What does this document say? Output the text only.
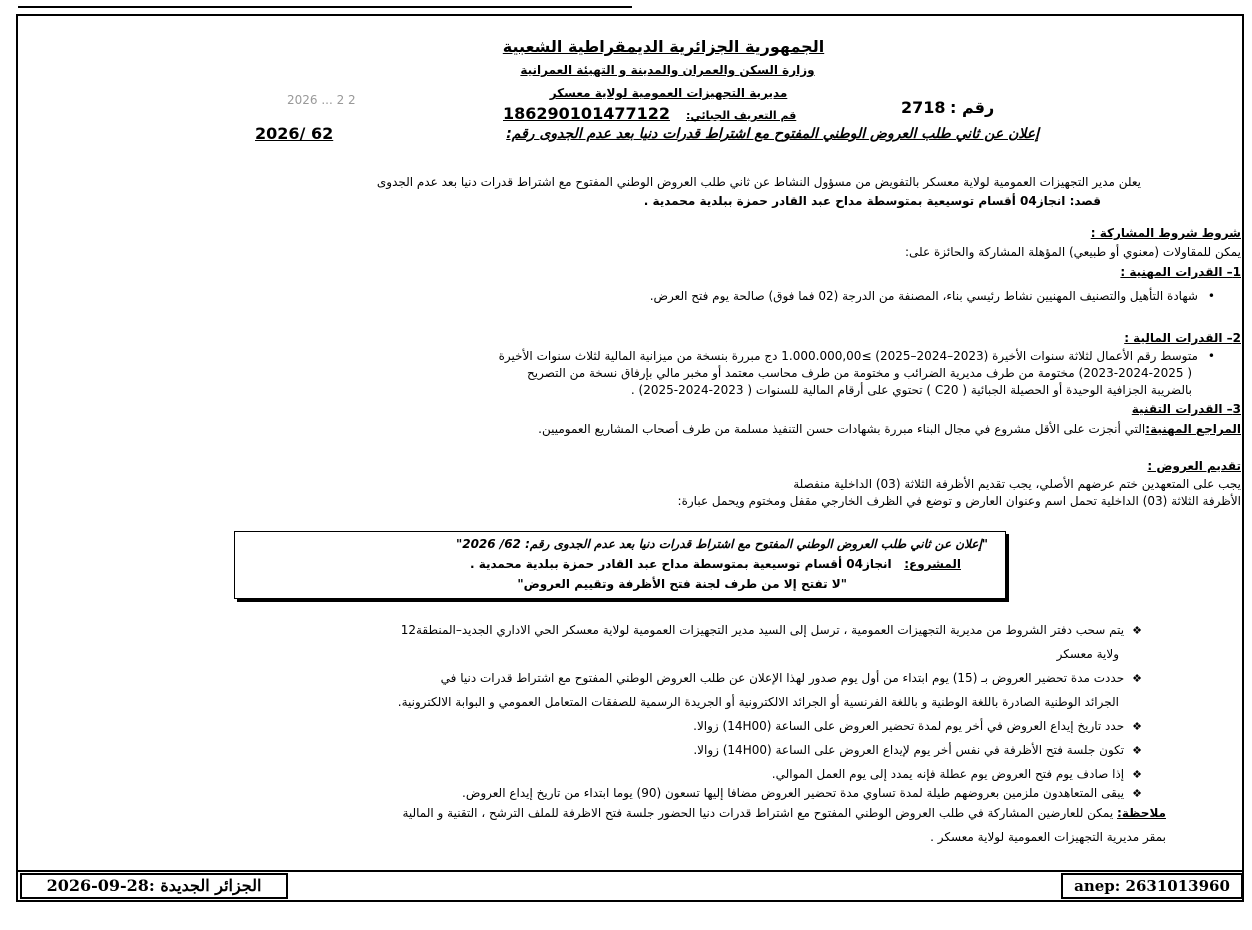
الجمهورية الجزائرية الديمقراطية الشعبية
وزارة السكن والعمران والمدينة و التهيئة العمرانية
مديرية التجهيزات العمومية لولاية معسكر
2026 ... 2 2
قم التعريف الجبائي:
186290101477122	رقم :
2718
إعلان عن ثاني طلب العروض الوطني المفتوح مع اشتراط قدرات دنيا بعد عدم الجدوى رقم:
2026/ 62
يعلن مدير التجهيزات العمومية لولاية معسكر بالتفويض من مسؤول النشاط عن ثاني طلب العروض الوطني المفتوح مع اشتراط قدرات دنيا بعد عدم الجدوى
قصد: انجاز04 أقسام توسيعية بمتوسطة مداح عبد القادر حمزة ببلدية محمدية .
شروط شروط المشاركة :
يمكن للمقاولات (معنوي أو طبيعي) المؤهلة المشاركة والحائزة على:
1– القدرات المهنية :
•شهادة التأهيل والتصنيف المهنيين نشاط رئيسي بناء، المصنفة من الدرجة (02 فما فوق) صالحة يوم فتح العرض.
2– القدرات المالية :
•متوسط رقم الأعمال لثلاثة سنوات الأخيرة (2023–2024–2025) ≥1.000.000,00 دج مبررة بنسخة من ميزانية المالية لثلاث سنوات الأخيرة
( 2023-2024-2025) مختومة من طرف مديرية الضرائب و مختومة من طرف محاسب معتمد أو مخبر مالي بإرفاق نسخة من التصريح
بالضريبة الجزافية الوحيدة أو الحصيلة الجبائية ( C20 ) تحتوي على أرقام المالية للسنوات ( 2023-2024-2025) .
3– القدرات التقنية
المراجع المهنية:التي أنجزت على الأقل مشروع في مجال البناء مبررة بشهادات حسن التنفيذ مسلمة من طرف أصحاب المشاريع العموميين.
تقديم العروض :
يجب على المتعهدين ختم عرضهم الأصلي، يجب تقديم الأظرفة الثلاثة (03) الداخلية منفصلة
الأظرفة الثلاثة (03) الداخلية تحمل اسم وعنوان العارض و توضع في الظرف الخارجي مقفل ومختوم ويحمل عبارة:
"إعلان عن ثاني طلب العروض الوطني المفتوح مع اشتراط قدرات دنيا بعد عدم الجدوى رقم: 62/ 2026"
المشروع:   انجاز04 أقسام توسيعية بمتوسطة مداح عبد القادر حمزة ببلدية محمدية .
"لا تفتح إلا من طرف لجنة فتح الأظرفة وتقييم العروض"
❖يتم سحب دفتر الشروط من مديرية التجهيزات العمومية ، ترسل إلى السيد مدير التجهيزات العمومية لولاية معسكر الحي الاداري الجديد–المنطقة12
ولاية معسكر
❖حددت مدة تحضير العروض بـ (15) يوم ابتداء من أول يوم صدور لهذا الإعلان عن طلب العروض الوطني المفتوح مع اشتراط قدرات دنيا في
الجرائد الوطنية الصادرة باللغة الوطنية و باللغة الفرنسية أو الجرائد الالكترونية أو الجريدة الرسمية للصفقات المتعامل العمومي و البوابة الالكترونية.
❖حدد تاريخ إيداع العروض في أخر يوم لمدة تحضير العروض على الساعة (14H00) زوالا.
❖تكون جلسة فتح الأظرفة في نفس أخر يوم لإيداع العروض على الساعة (14H00) زوالا.
❖إذا صادف يوم فتح العروض يوم عطلة فإنه يمدد إلى يوم العمل الموالي.
❖يبقى المتعاهدون ملزمين بعروضهم طيلة لمدة تساوي مدة تحضير العروض مضافا إليها تسعون (90) يوما ابتداء من تاريخ إيداع العروض.
ملاحظة: يمكن للعارضين المشاركة في طلب العروض الوطني المفتوح مع اشتراط قدرات دنيا الحضور جلسة فتح الاظرفة للملف الترشح ، التقنية و المالية
بمقر مديرية التجهيزات العمومية لولاية معسكر .
الجزائر الجديدة :28-09-2026	anep: 2631013960
